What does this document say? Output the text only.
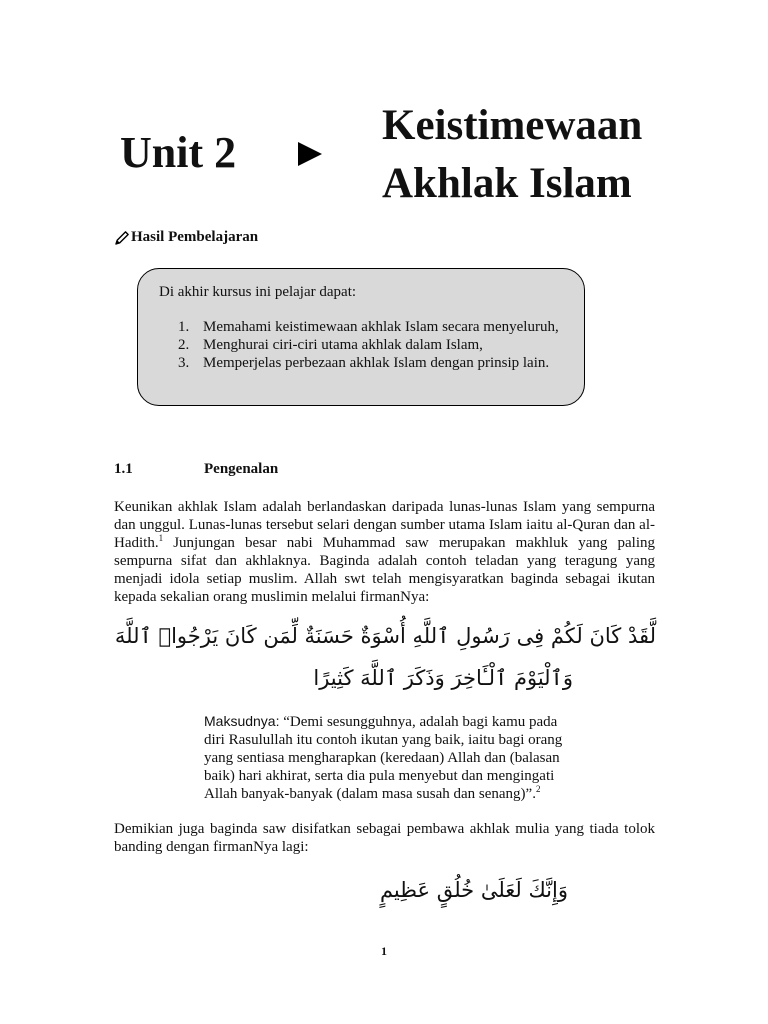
Unit 2
Keistimewaan
Akhlak Islam
Hasil Pembelajaran
Di akhir kursus ini pelajar dapat:
1. Memahami keistimewaan akhlak Islam secara menyeluruh,
2. Menghurai ciri-ciri utama akhlak dalam Islam,
3. Memperjelas perbezaan akhlak Islam dengan prinsip lain.
1.1	Pengenalan

Keunikan akhlak Islam adalah berlandaskan daripada lunas-lunas Islam yang sempurna dan unggul. Lunas-lunas tersebut selari dengan sumber utama Islam iaitu al-Quran dan al-Hadith.$^1$ Junjungan besar nabi Muhammad saw merupakan makhluk yang paling sempurna sifat dan akhlaknya. Baginda adalah contoh teladan yang teragung yang menjadi idola setiap muslim. Allah swt telah mengisyaratkan baginda sebagai ikutan kepada sekalian orang muslimin melalui firmanNya:

لَّقَدْ كَانَ لَكُمْ فِى رَسُولِ ٱللَّهِ أُسْوَةٌ حَسَنَةٌ لِّمَن كَانَ يَرْجُوا۟ ٱللَّهَ
وَٱلْيَوْمَ ٱلْـَٔاخِرَ وَذَكَرَ ٱللَّهَ كَثِيرًا

Maksudnya: “Demi sesungguhnya, adalah bagi kamu pada diri Rasulullah itu contoh ikutan yang baik, iaitu bagi orang yang sentiasa mengharapkan (keredaan) Allah dan (balasan baik) hari akhirat, serta dia pula menyebut dan mengingati Allah banyak-banyak (dalam masa susah dan senang)”.$^2$

Demikian juga baginda saw disifatkan sebagai pembawa akhlak mulia yang tiada tolok banding dengan firmanNya lagi:

وَإِنَّكَ لَعَلَىٰ خُلُقٍ عَظِيمٍ
1
